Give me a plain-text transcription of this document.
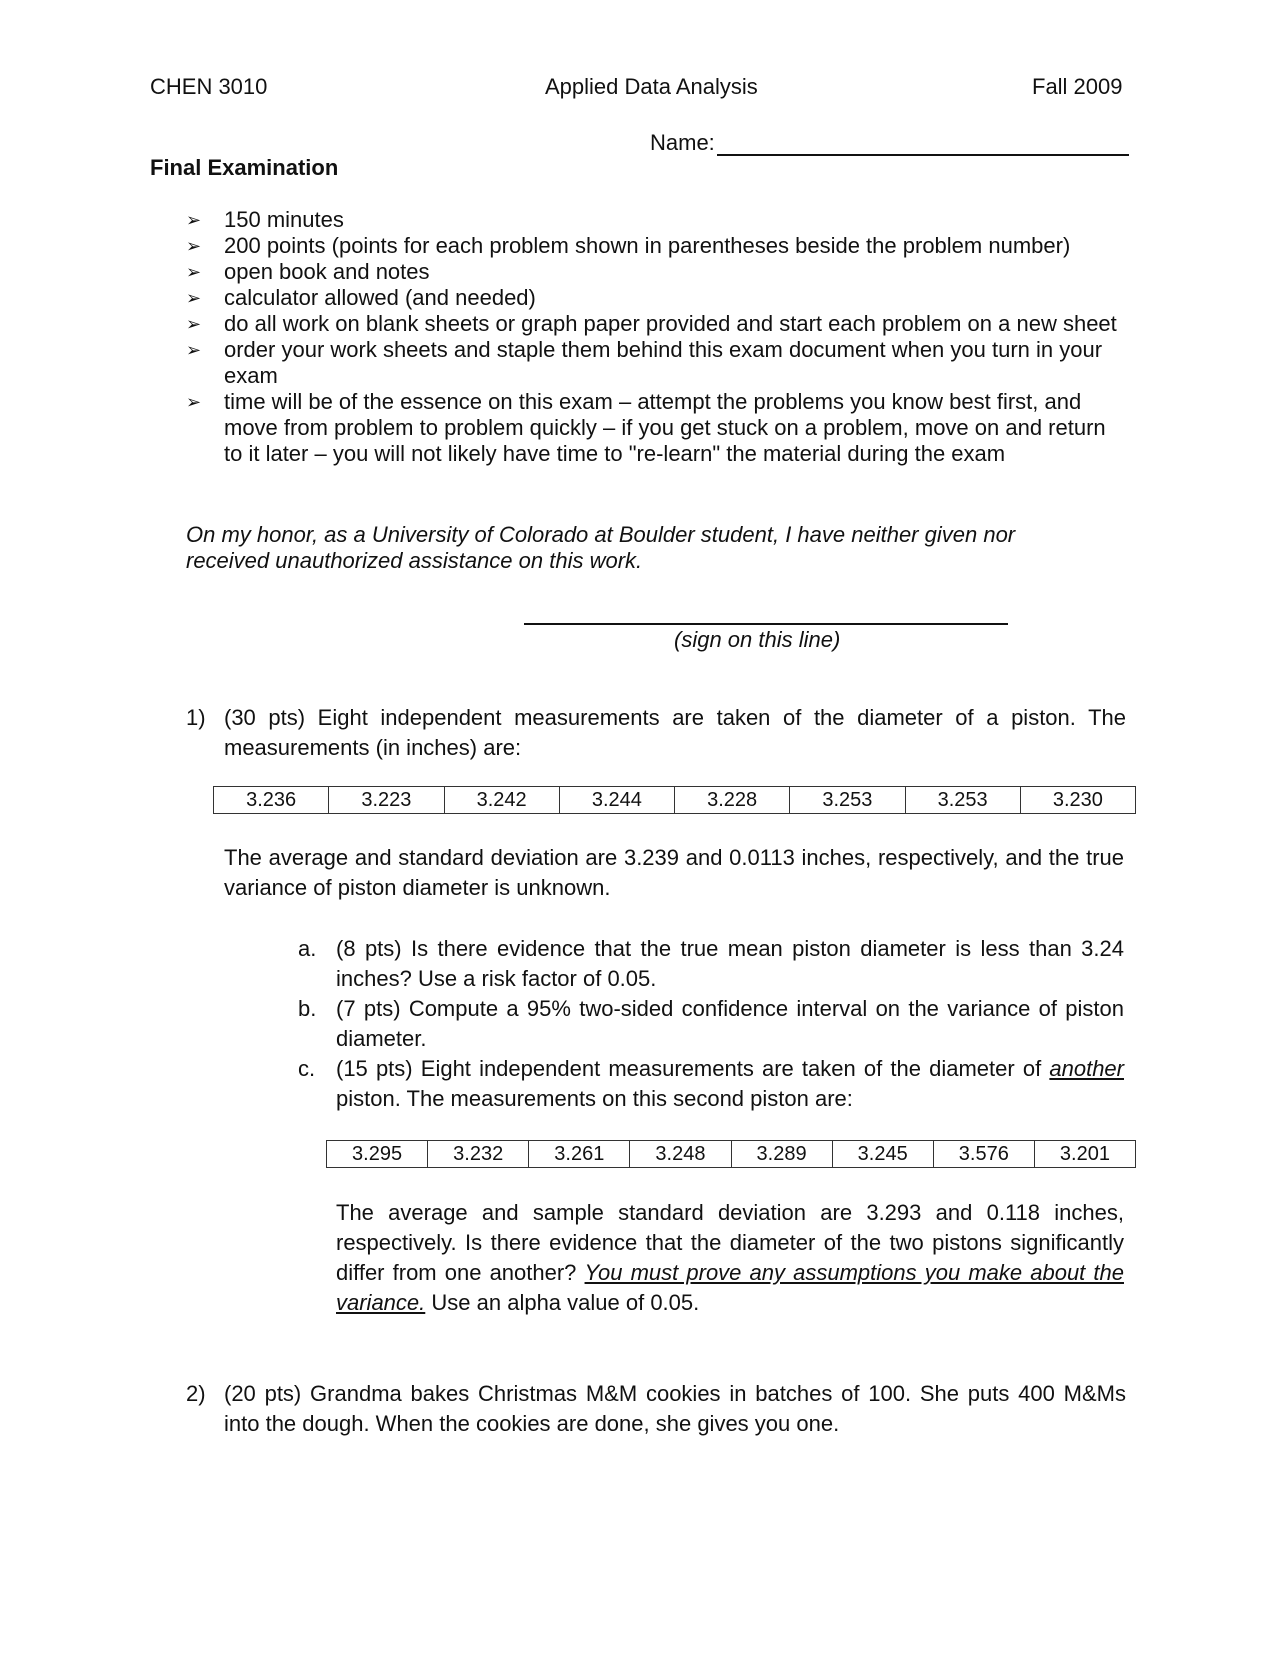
CHEN 3010	Applied Data Analysis	Fall 2009
Name:
Final Examination
➢ 150 minutes
➢ 200 points (points for each problem shown in parentheses beside the problem number)
➢ open book and notes
➢ calculator allowed (and needed)
➢ do all work on blank sheets or graph paper provided and start each problem on a new sheet
➢ order your work sheets and staple them behind this exam document when you turn in your exam
➢ time will be of the essence on this exam – attempt the problems you know best first, and move from problem to problem quickly – if you get stuck on a problem, move on and return to it later – you will not likely have time to "re-learn" the material during the exam
On my honor, as a University of Colorado at Boulder student, I have neither given nor received unauthorized assistance on this work.
(sign on this line)
1) (30 pts) Eight independent measurements are taken of the diameter of a piston. The measurements (in inches) are:
3.236	3.223	3.242	3.244	3.228	3.253	3.253	3.230
The average and standard deviation are 3.239 and 0.0113 inches, respectively, and the true variance of piston diameter is unknown.
a. (8 pts) Is there evidence that the true mean piston diameter is less than 3.24 inches? Use a risk factor of 0.05.
b. (7 pts) Compute a 95% two-sided confidence interval on the variance of piston diameter.
c. (15 pts) Eight independent measurements are taken of the diameter of another piston. The measurements on this second piston are:
3.295	3.232	3.261	3.248	3.289	3.245	3.576	3.201
The average and sample standard deviation are 3.293 and 0.118 inches, respectively. Is there evidence that the diameter of the two pistons significantly differ from one another? You must prove any assumptions you make about the variance. Use an alpha value of 0.05.
2) (20 pts) Grandma bakes Christmas M&M cookies in batches of 100. She puts 400 M&Ms into the dough. When the cookies are done, she gives you one.
